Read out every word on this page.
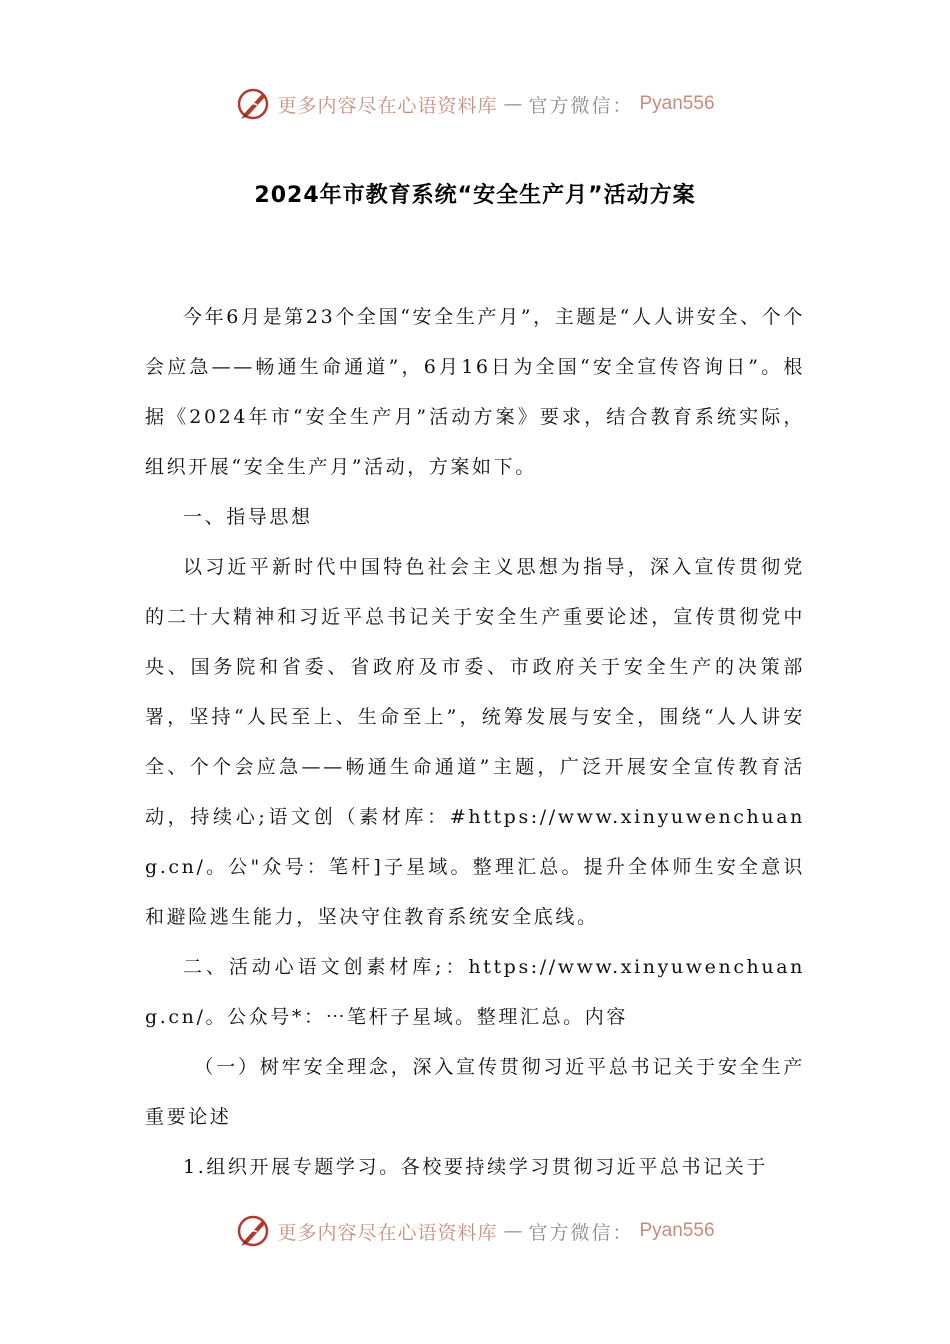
更多内容尽在心语资料库 — 官方微信： Pyan556
2024年市教育系统“安全生产月”活动方案

今年6月是第23个全国“安全生产月”，主题是“人人讲安全、个个会应急——畅通生命通道”，6月16日为全国“安全宣传咨询日”。根据《2024年市“安全生产月”活动方案》要求，结合教育系统实际，组织开展“安全生产月”活动，方案如下。

一、指导思想

以习近平新时代中国特色社会主义思想为指导，深入宣传贯彻党的二十大精神和习近平总书记关于安全生产重要论述，宣传贯彻党中央、国务院和省委、省政府及市委、市政府关于安全生产的决策部署，坚持“人民至上、生命至上”，统筹发展与安全，围绕“人人讲安全、个个会应急——畅通生命通道”主题，广泛开展安全宣传教育活动，持续心;语文创（素材库：#https://www.xinyuwenchuang.cn/。公"众号：笔杆]子星域。整理汇总。提升全体师生安全意识和避险逃生能力，坚决守住教育系统安全底线。

二、活动心语文创素材库;：https://www.xinyuwenchuang.cn/。公众号*：⋯笔杆子星域。整理汇总。内容

（一）树牢安全理念，深入宣传贯彻习近平总书记关于安全生产重要论述

1.组织开展专题学习。各校要持续学习贯彻习近平总书记关于

更多内容尽在心语资料库 — 官方微信： Pyan556
